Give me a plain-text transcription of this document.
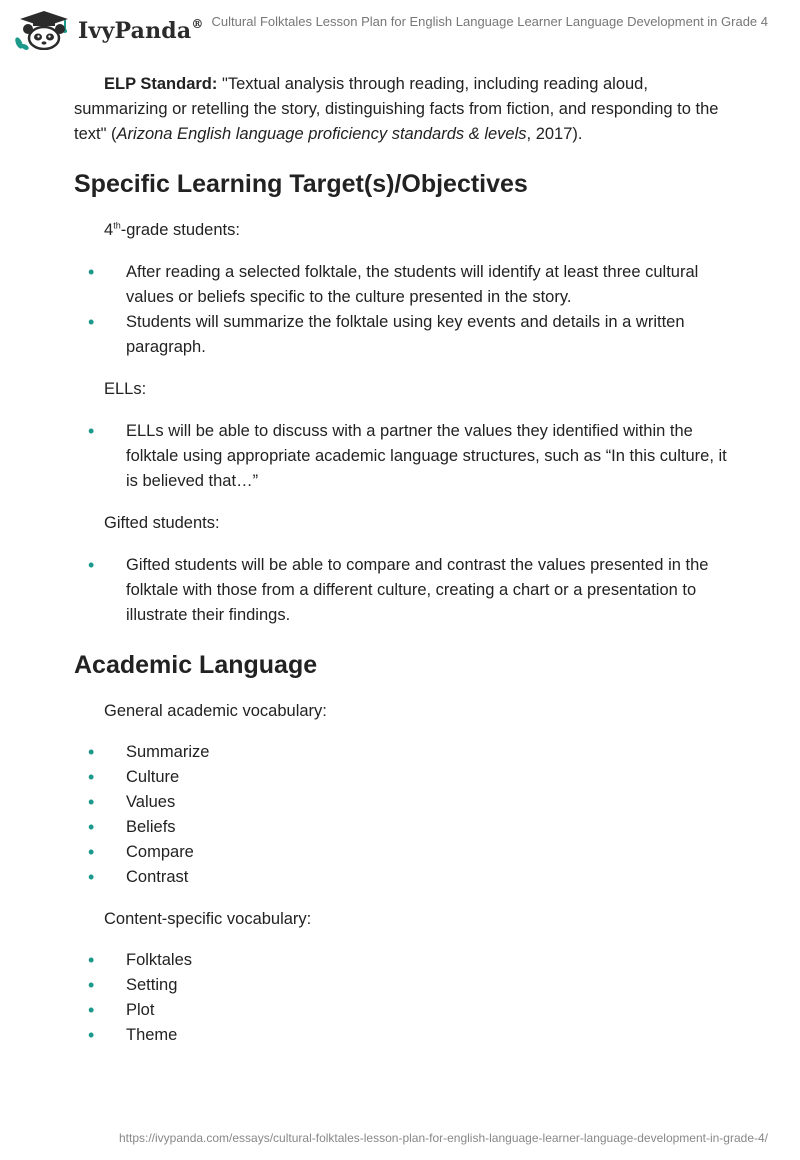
IvyPanda® Cultural Folktales Lesson Plan for English Language Learner Language Development in Grade 4

ELP Standard: "Textual analysis through reading, including reading aloud, summarizing or retelling the story, distinguishing facts from fiction, and responding to the text" (Arizona English language proficiency standards & levels, 2017).

Specific Learning Target(s)/Objectives

4th-grade students:

• After reading a selected folktale, the students will identify at least three cultural values or beliefs specific to the culture presented in the story.
• Students will summarize the folktale using key events and details in a written paragraph.

ELLs:

• ELLs will be able to discuss with a partner the values they identified within the folktale using appropriate academic language structures, such as “In this culture, it is believed that…”

Gifted students:

• Gifted students will be able to compare and contrast the values presented in the folktale with those from a different culture, creating a chart or a presentation to illustrate their findings.
Academic Language

General academic vocabulary:

• Summarize
• Culture
• Values
• Beliefs
• Compare
• Contrast

Content-specific vocabulary:

• Folktales
• Setting
• Plot
• Theme
https://ivypanda.com/essays/cultural-folktales-lesson-plan-for-english-language-learner-language-development-in-grade-4/
